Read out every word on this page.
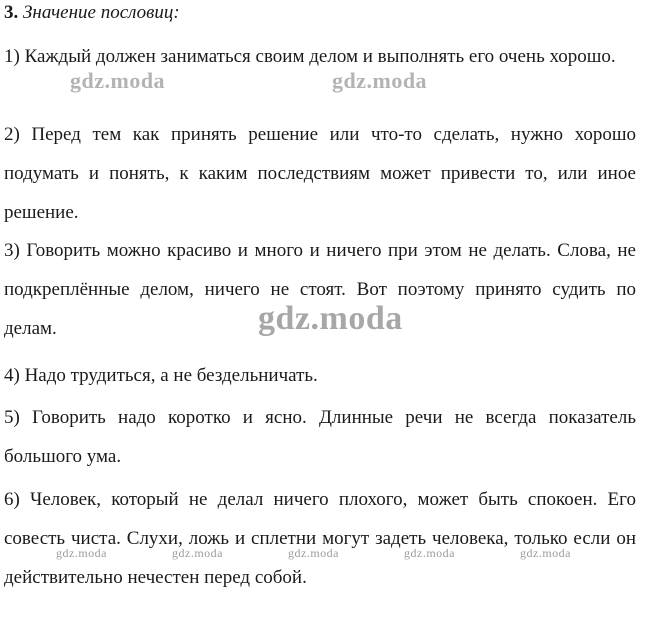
3. Значение пословиц:

1) Каждый должен заниматься своим делом и выполнять его очень хорошо.

2) Перед тем как принять решение или что-то сделать, нужно хорошо подумать и понять, к каким последствиям может привести то, или иное решение.

3) Говорить можно красиво и много и ничего при этом не делать. Слова, не подкреплённые делом, ничего не стоят. Вот поэтому принято судить по делам.

4) Надо трудиться, а не бездельничать.

5) Говорить надо коротко и ясно. Длинные речи не всегда показатель большого ума.

6) Человек, который не делал ничего плохого, может быть спокоен. Его совесть чиста. Слухи, ложь и сплетни могут задеть человека, только если он действительно нечестен перед собой.

gdz.moda	gdz.moda
gdz.moda
gdz.moda	gdz.moda	gdz.moda	gdz.moda	gdz.moda
